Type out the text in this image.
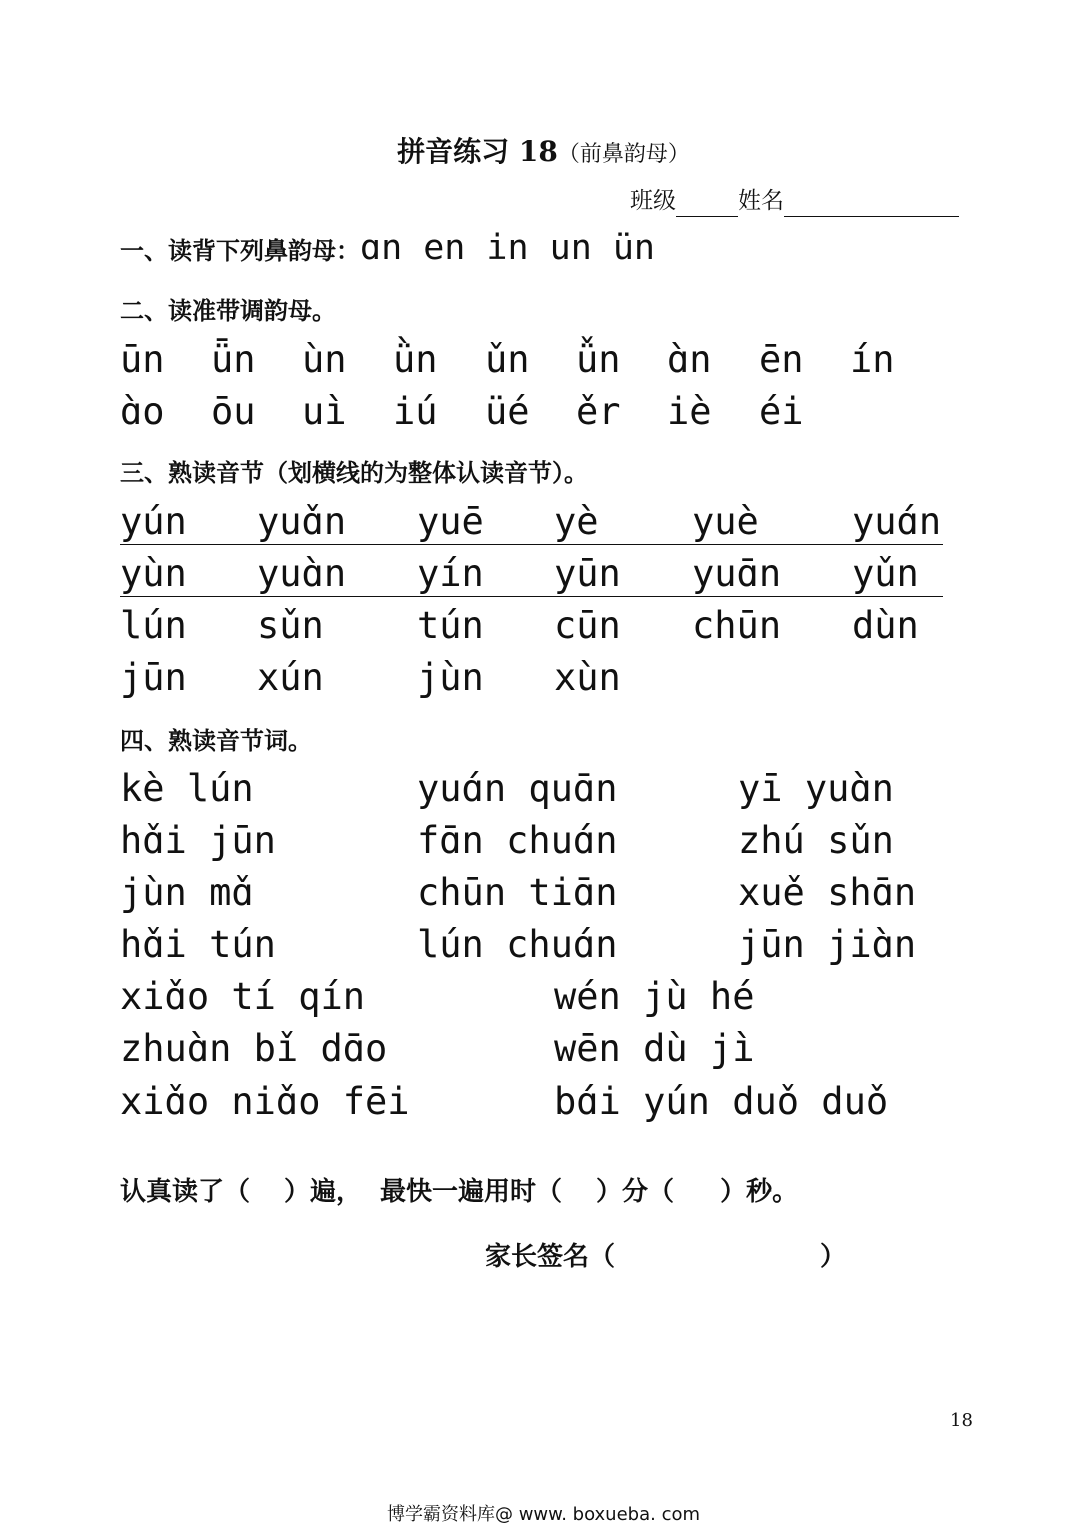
拼音练习 18（前鼻韵母）
班级	姓名
一、读背下列鼻韵母：ɑn en in un ün
二、读准带调韵母。
ūn ǖn ùn ǜn ǔn ǚn ɑ̀n ēn ín
ɑ̀o ōu uì iú üé ěr iè éi
三、熟读音节（划横线的为整体认读音节）。
yún yuɑ̌n yuē yè	yuè	yuɑ́n
yùn yuɑ̀n yín yūn yuɑ̄n yǔn
lún sǔn	tún cūn chūn dùn
jūn xún	jùn xùn
四、熟读音节词。
kè lún	yuɑ́n quɑ̄n	yī yuɑ̀n
hɑ̌i jūn	fɑ̄n chuɑ́n	zhú sǔn
jùn mɑ̌	chūn tiɑ̄n	xuě shɑ̄n
hɑ̌i tún	lún chuɑ́n	jūn jiɑ̀n
xiɑ̌o tí qín	wén jù hé
zhuɑ̀n bǐ dɑ̄o	wēn dù jì
xiɑ̌o niɑ̌o fēi	bɑ́i yún duǒ duǒ
认真读了（ ）遍， 最快一遍用时（ ）分（ ）秒。
家长签名（	）
18
博学霸资料库@ www. boxueba. com
